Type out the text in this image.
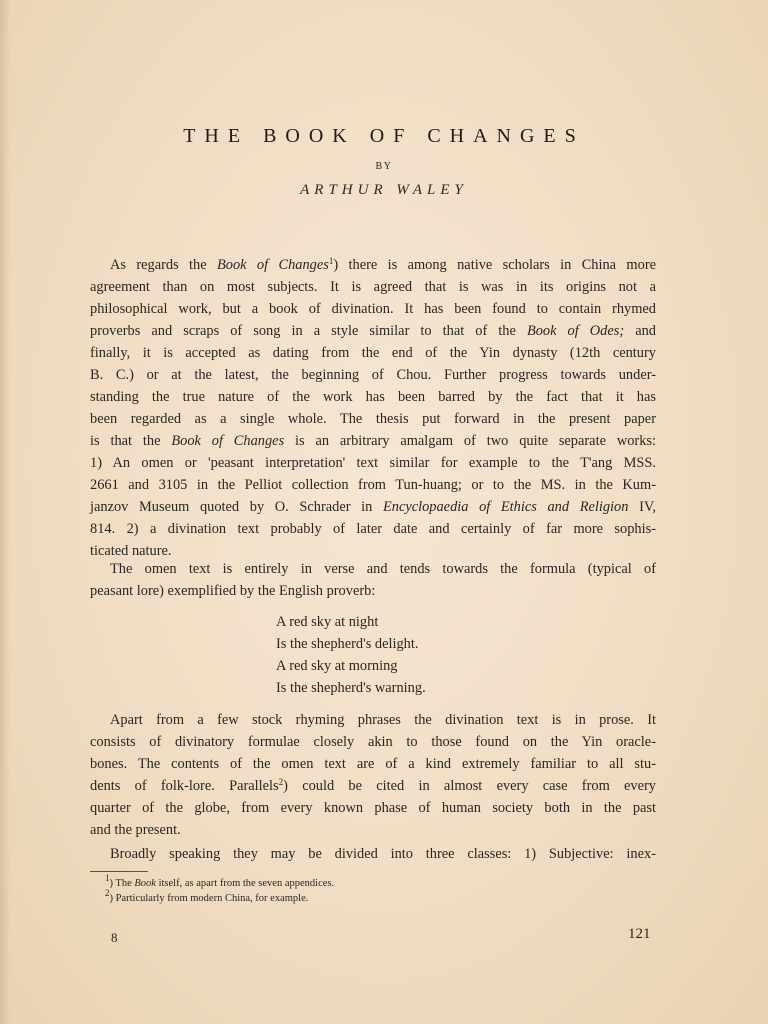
THE BOOK OF CHANGES
BY
ARTHUR WALEY
As regards the Book of Changes$^1$) there is among native scholars in China more
agreement than on most subjects. It is agreed that is was in its origins not a
philosophical work, but a book of divination. It has been found to contain rhymed
proverbs and scraps of song in a style similar to that of the Book of Odes; and
finally, it is accepted as dating from the end of the Yin dynasty (12th century
B. C.) or at the latest, the beginning of Chou. Further progress towards under-
standing the true nature of the work has been barred by the fact that it has
been regarded as a single whole. The thesis put forward in the present paper
is that the Book of Changes is an arbitrary amalgam of two quite separate works:
1) An omen or 'peasant interpretation' text similar for example to the T'ang MSS.
2661 and 3105 in the Pelliot collection from Tun-huang; or to the MS. in the Kum-
janzov Museum quoted by O. Schrader in Encyclopaedia of Ethics and Religion IV,
814. 2) a divination text probably of later date and certainly of far more sophis-
ticated nature.
The omen text is entirely in verse and tends towards the formula (typical of
peasant lore) exemplified by the English proverb:
A red sky at night
Is the shepherd's delight.
A red sky at morning
Is the shepherd's warning.
Apart from a few stock rhyming phrases the divination text is in prose. It
consists of divinatory formulae closely akin to those found on the Yin oracle-
bones. The contents of the omen text are of a kind extremely familiar to all stu-
dents of folk-lore. Parallels$^2$) could be cited in almost every case from every
quarter of the globe, from every known phase of human society both in the past
and the present.
Broadly speaking they may be divided into three classes: 1) Subjective: inex-
$^1$) The Book itself, as apart from the seven appendices.
$^2$) Particularly from modern China, for example.
8	121
